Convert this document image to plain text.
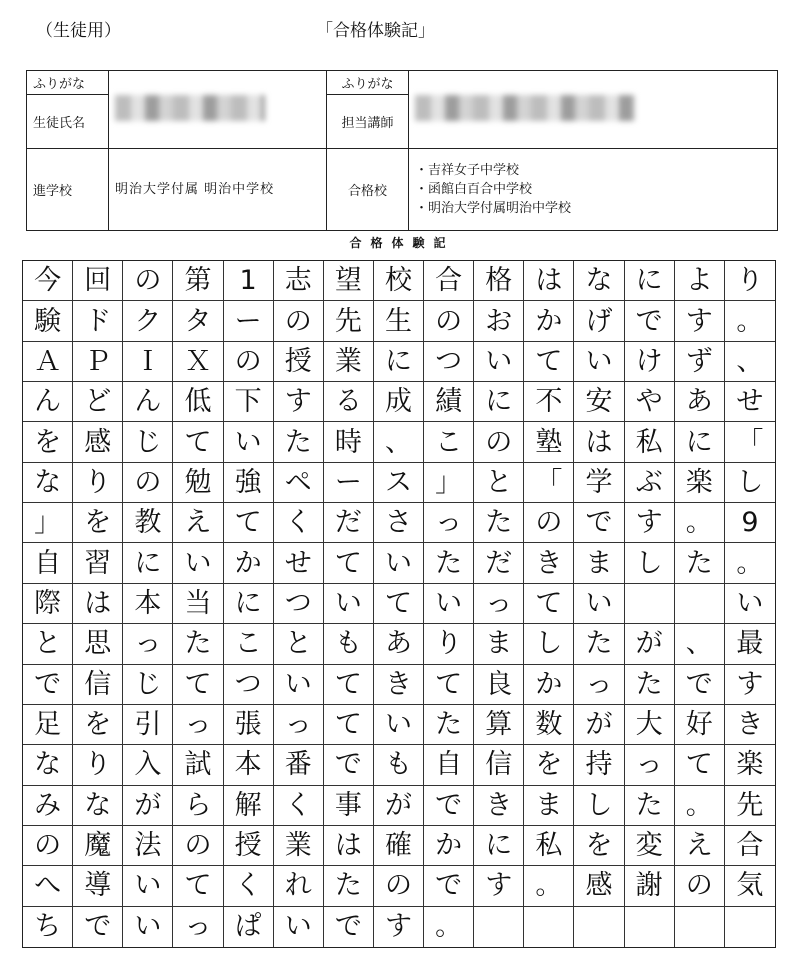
（生徒用）	「合格体験記」
ふりがな		ふりがな	
生徒氏名		担当講師	
進学校	明治大学付属 明治中学校	合格校	・吉祥女子中学校
・函館白百合中学校
・明治大学付属明治中学校
合格体験記
今 回 の 第	1	志 望 校 合 格 は な に よ り
験 ド ク タ ー の 先 生 の お か げ で す 。
Ａ Ｐ Ｉ Ｘ の 授 業 に つ い て い け ず 、
ん ど ん 低 下 す る 成 績 に 不 安 や あ せ
を 感 じ て い た 時 、 こ の 塾 は 私 に 「
な り の 勉 強 ペ ー ス 」 と 「 学 ぶ 楽 し
」 を 教 え て く だ さ っ た の で す 。	9
自 習 に い か せ て い た だ き ま し た 。
際 は 本 当 に つ い て い っ て い	い
と 思 っ た こ と も あ り ま し た が 、 最
で 信 じ て つ い て き て 良 か っ た で す
足 を 引 っ 張 っ て い た 算 数 が 大 好 き
な り 入 試 本 番 で も 自 信 を 持 っ て 楽
み な が ら 解 く 事 が で き ま し た 。 先
の 魔 法 の 授 業 は 確 か に 私 を 変 え 合
へ 導 い て く れ た の で す 。 感 謝 の 気
ち で い っ ぱ い で す 。
